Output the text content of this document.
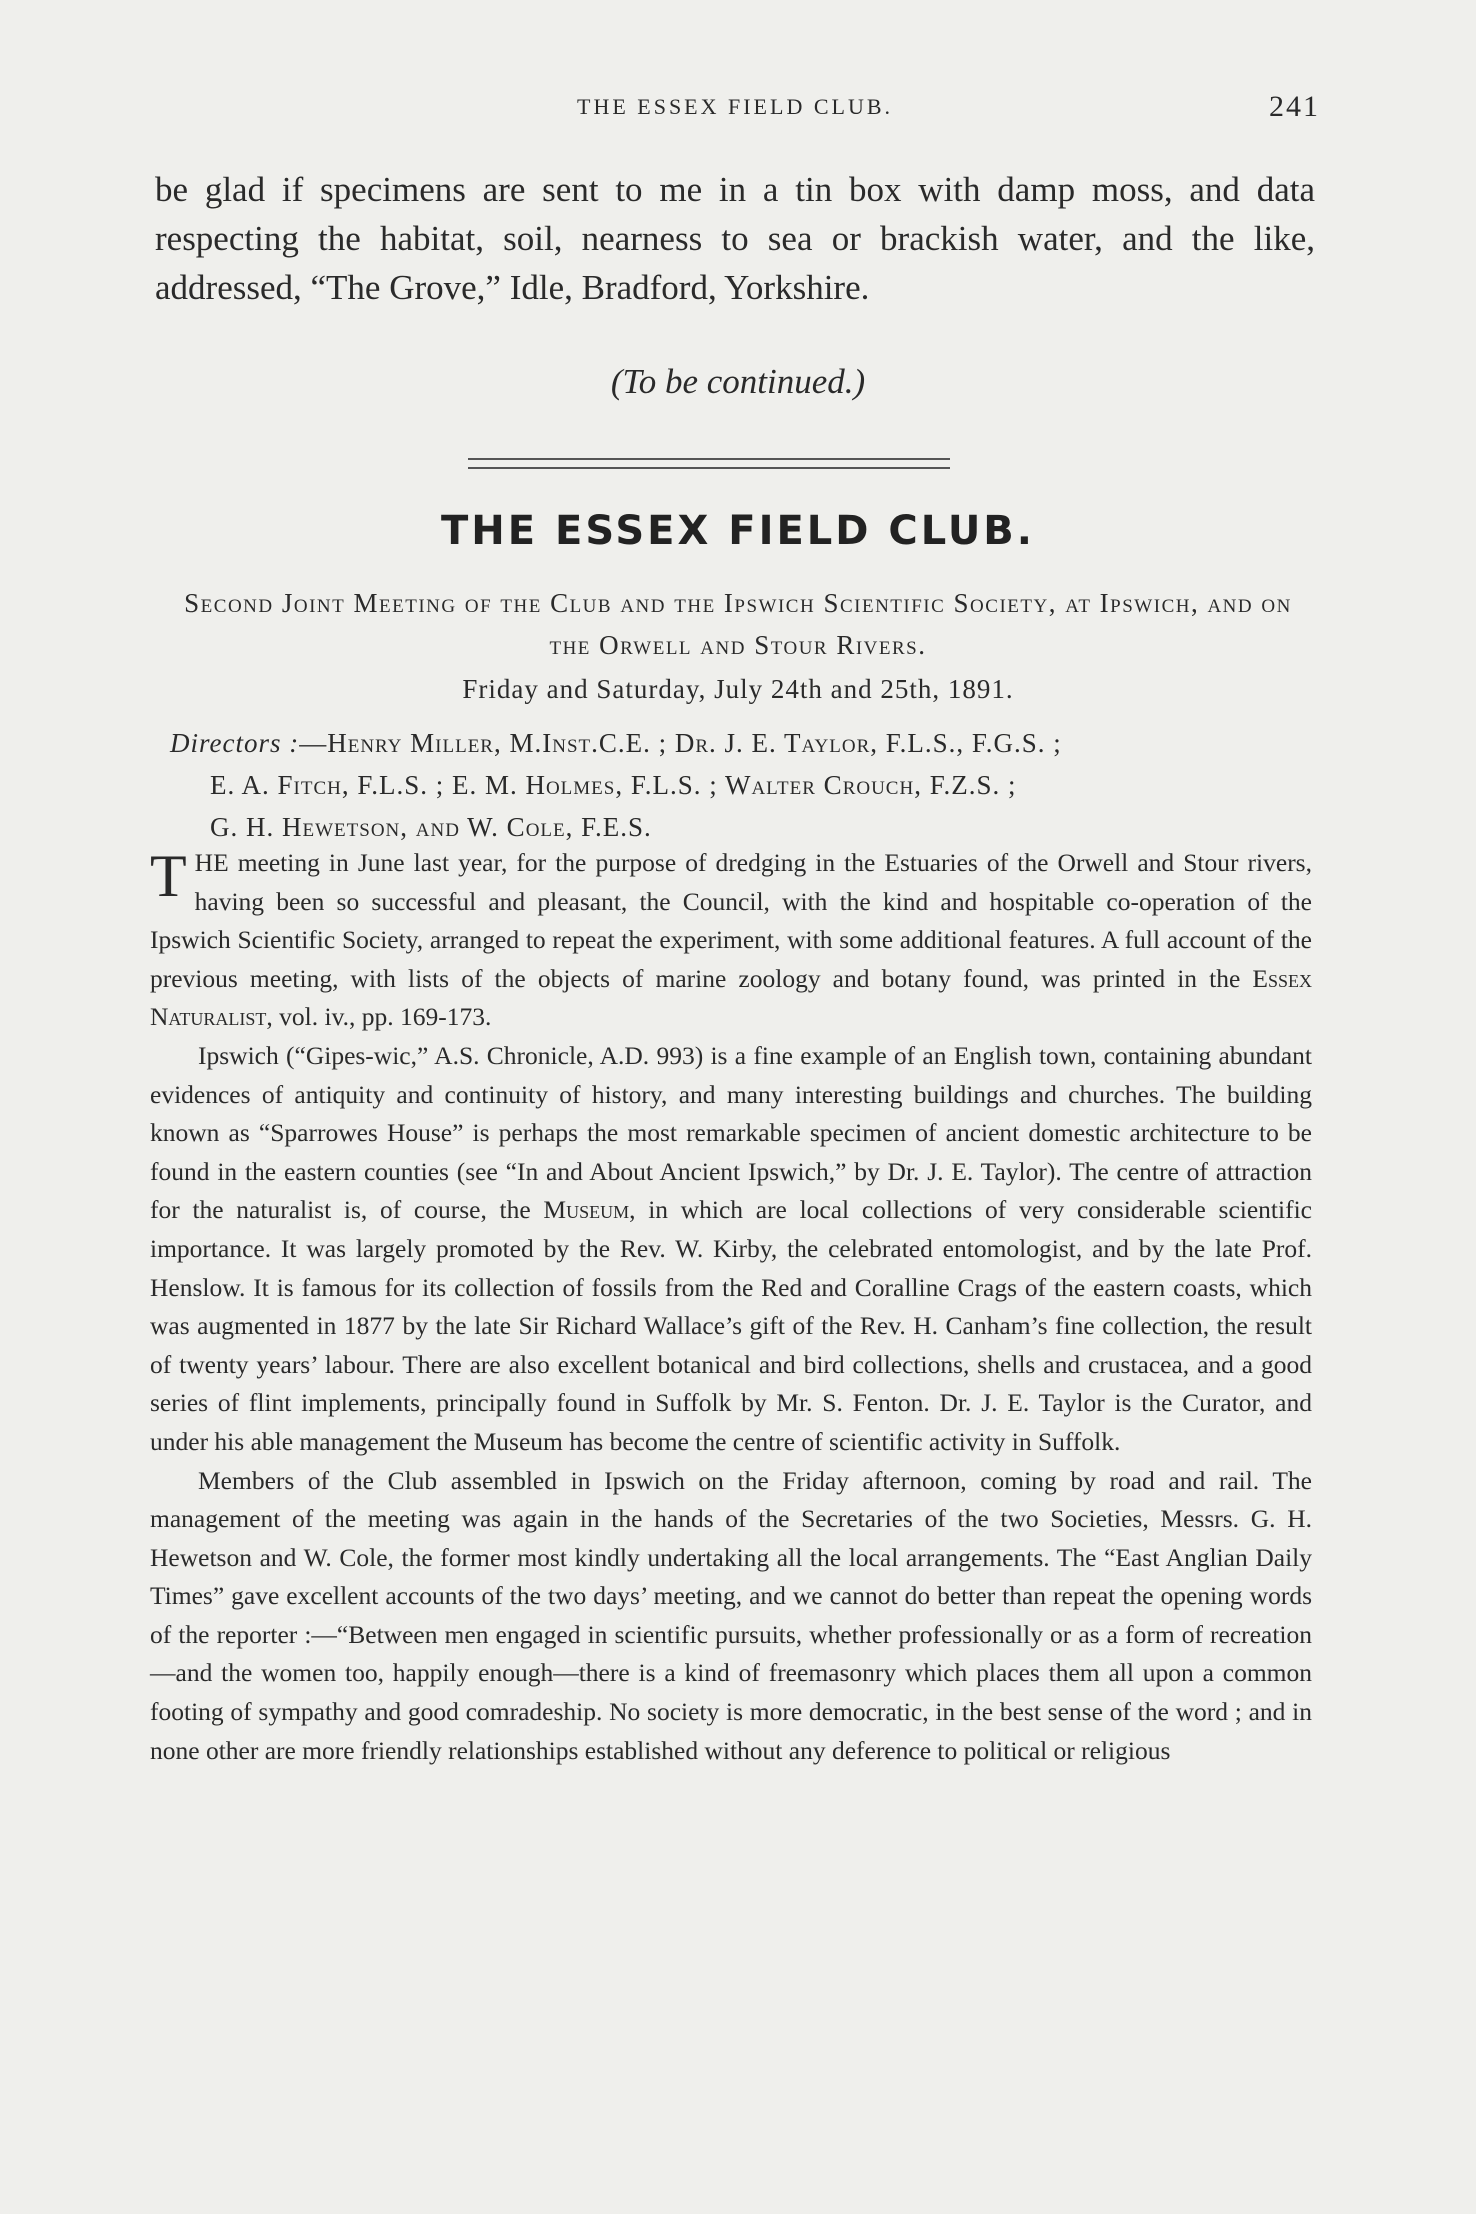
THE ESSEX FIELD CLUB.	241

be glad if specimens are sent to me in a tin box with damp moss, and data respecting the habitat, soil, nearness to sea or brackish water, and the like, addressed, “The Grove,” Idle, Bradford, Yorkshire.

(To be continued.)
THE ESSEX FIELD CLUB.
Second Joint Meeting of the Club and the Ipswich Scientific Society, at Ipswich, and on the Orwell and Stour Rivers.
Friday and Saturday, July 24th and 25th, 1891.
Directors :—Henry Miller, M.Inst.C.E. ; Dr. J. E. Taylor, F.L.S., F.G.S. ;
E. A. Fitch, F.L.S. ; E. M. Holmes, F.L.S. ; Walter Crouch, F.Z.S. ;
G. H. Hewetson, and W. Cole, F.E.S.

THE meeting in June last year, for the purpose of dredging in the Estuaries of the Orwell and Stour rivers, having been so successful and pleasant, the Council, with the kind and hospitable co-operation of the Ipswich Scientific Society, arranged to repeat the experiment, with some additional features. A full account of the previous meeting, with lists of the objects of marine zoology and botany found, was printed in the Essex Naturalist, vol. iv., pp. 169-173.

Ipswich (“Gipes-wic,” A.S. Chronicle, A.D. 993) is a fine example of an English town, containing abundant evidences of antiquity and continuity of history, and many interesting buildings and churches. The building known as “Sparrowes House” is perhaps the most remarkable specimen of ancient domestic architecture to be found in the eastern counties (see “In and About Ancient Ipswich,” by Dr. J. E. Taylor). The centre of attraction for the naturalist is, of course, the Museum, in which are local collections of very considerable scientific importance. It was largely promoted by the Rev. W. Kirby, the celebrated entomologist, and by the late Prof. Henslow. It is famous for its collection of fossils from the Red and Coralline Crags of the eastern coasts, which was augmented in 1877 by the late Sir Richard Wallace’s gift of the Rev. H. Canham’s fine collection, the result of twenty years’ labour. There are also excellent botanical and bird collections, shells and crustacea, and a good series of flint implements, principally found in Suffolk by Mr. S. Fenton. Dr. J. E. Taylor is the Curator, and under his able management the Museum has become the centre of scientific activity in Suffolk.

Members of the Club assembled in Ipswich on the Friday afternoon, coming by road and rail. The management of the meeting was again in the hands of the Secretaries of the two Societies, Messrs. G. H. Hewetson and W. Cole, the former most kindly undertaking all the local arrangements. The “East Anglian Daily Times” gave excellent accounts of the two days’ meeting, and we cannot do better than repeat the opening words of the reporter :—“Between men engaged in scientific pursuits, whether professionally or as a form of recreation—and the women too, happily enough—there is a kind of freemasonry which places them all upon a common footing of sympathy and good comradeship. No society is more democratic, in the best sense of the word ; and in none other are more friendly relationships established without any deference to political or religious
